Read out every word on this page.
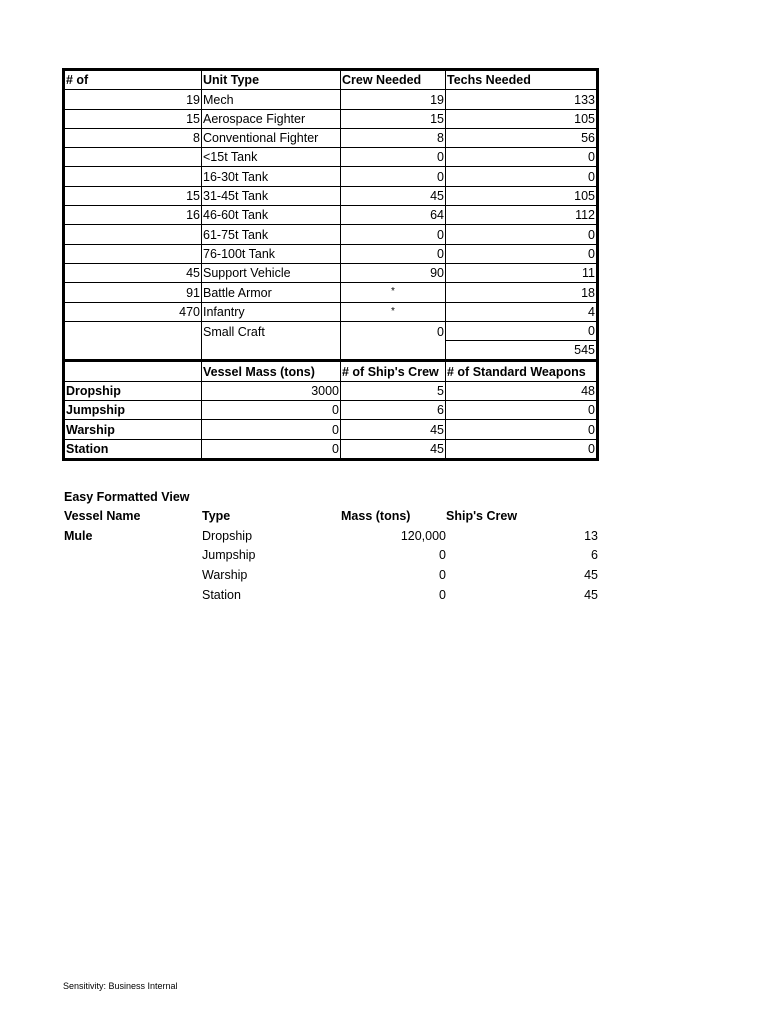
# of	Unit Type	Crew Needed	Techs Needed
19	Mech	19	133
15	Aerospace Fighter	15	105
8	Conventional Fighter	8	56
	<15t Tank	0	0
	16-30t Tank	0	0
15	31-45t Tank	45	105
16	46-60t Tank	64	112
	61-75t Tank	0	0
	76-100t Tank	0	0
45	Support Vehicle	90	11
91	Battle Armor	*	18
470	Infantry	*	4
	Small Craft	0	0
			545
	Vessel Mass (tons)	# of Ship's Crew	# of Standard Weapons
Dropship	3000	5	48
Jumpship	0	6	0
Warship	0	45	0
Station	0	45	0
Easy Formatted View			
Vessel Name	Type	Mass (tons)	Ship's Crew
Mule	Dropship	120,000	13
	Jumpship	0	6
	Warship	0	45
	Station	0	45
Sensitivity: Business Internal
